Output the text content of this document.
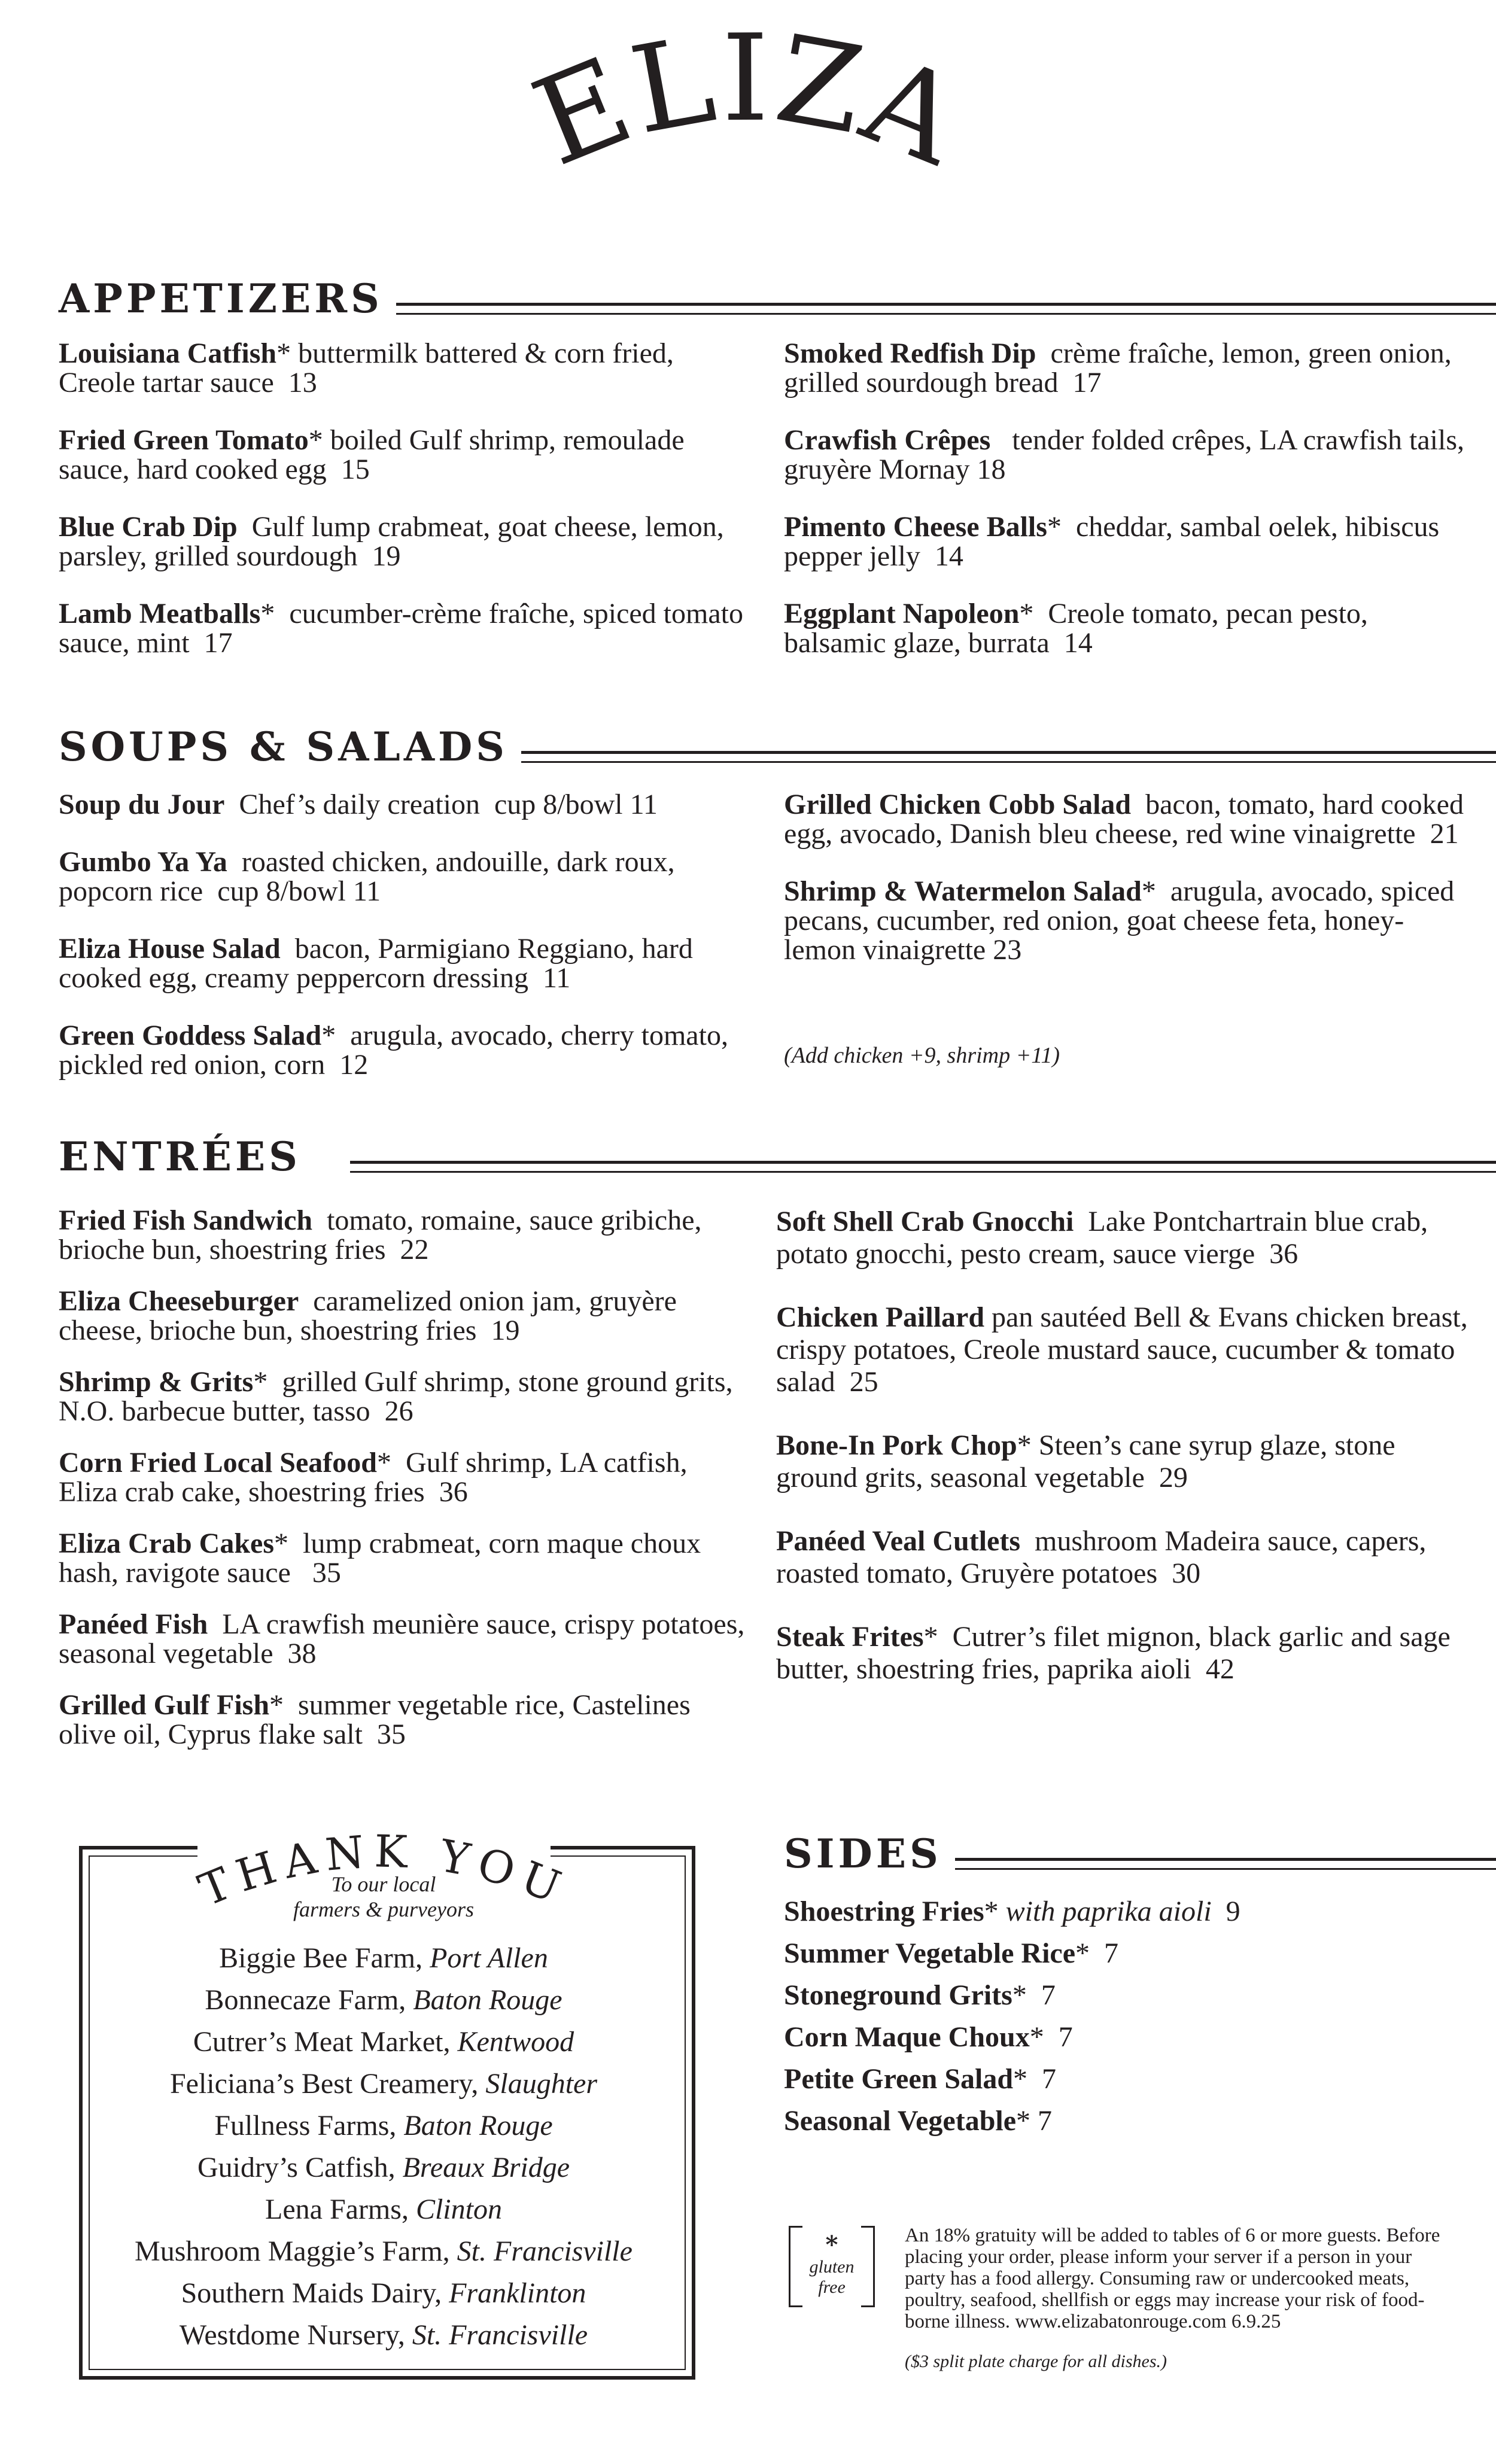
ELIZA
APPETIZERS

Louisiana Catfish* buttermilk battered & corn fried, Creole tartar sauce  13

Fried Green Tomato* boiled Gulf shrimp, remoulade sauce, hard cooked egg  15

Blue Crab Dip  Gulf lump crabmeat, goat cheese, lemon, parsley, grilled sourdough  19

Lamb Meatballs*  cucumber-crème fraîche, spiced tomato sauce, mint  17

Smoked Redfish Dip  crème fraîche, lemon, green onion, grilled sourdough bread  17

Crawfish Crêpes   tender folded crêpes, LA crawfish tails, gruyère Mornay 18

Pimento Cheese Balls*  cheddar, sambal oelek, hibiscus pepper jelly  14

Eggplant Napoleon*  Creole tomato, pecan pesto, balsamic glaze, burrata  14

SOUPS & SALADS

Soup du Jour  Chef’s daily creation  cup 8/bowl 11

Gumbo Ya Ya  roasted chicken, andouille, dark roux, popcorn rice  cup 8/bowl 11

Eliza House Salad  bacon, Parmigiano Reggiano, hard cooked egg, creamy peppercorn dressing  11

Green Goddess Salad*  arugula, avocado, cherry tomato, pickled red onion, corn  12

Grilled Chicken Cobb Salad  bacon, tomato, hard cooked egg, avocado, Danish bleu cheese, red wine vinaigrette  21

Shrimp & Watermelon Salad*  arugula, avocado, spiced pecans, cucumber, red onion, goat cheese feta, honey-lemon vinaigrette 23

(Add chicken +9, shrimp +11)
ENTRÉES

Fried Fish Sandwich  tomato, romaine, sauce gribiche, brioche bun, shoestring fries  22

Eliza Cheeseburger  caramelized onion jam, gruyère cheese, brioche bun, shoestring fries  19

Shrimp & Grits*  grilled Gulf shrimp, stone ground grits, N.O. barbecue butter, tasso  26

Corn Fried Local Seafood*  Gulf shrimp, LA catfish, Eliza crab cake, shoestring fries  36

Eliza Crab Cakes*  lump crabmeat, corn maque choux hash, ravigote sauce   35

Panéed Fish  LA crawfish meunière sauce, crispy potatoes, seasonal vegetable  38

Grilled Gulf Fish*  summer vegetable rice, Castelines olive oil, Cyprus flake salt  35

Soft Shell Crab Gnocchi  Lake Pontchartrain blue crab, potato gnocchi, pesto cream, sauce vierge  36

Chicken Paillard pan sautéed Bell & Evans chicken breast, crispy potatoes, Creole mustard sauce, cucumber & tomato salad  25

Bone-In Pork Chop* Steen’s cane syrup glaze, stone ground grits, seasonal vegetable  29

Panéed Veal Cutlets  mushroom Madeira sauce, capers, roasted tomato, Gruyère potatoes  30

Steak Frites*  Cutrer’s filet mignon, black garlic and sage butter, shoestring fries, paprika aioli  42

THANK YOU
To our local
farmers & purveyors
Biggie Bee Farm, Port Allen
Bonnecaze Farm, Baton Rouge
Cutrer’s Meat Market, Kentwood
Feliciana’s Best Creamery, Slaughter
Fullness Farms, Baton Rouge
Guidry’s Catfish, Breaux Bridge
Lena Farms, Clinton
Mushroom Maggie’s Farm, St. Francisville
Southern Maids Dairy, Franklinton
Westdome Nursery, St. Francisville
SIDES
Shoestring Fries* with paprika aioli  9
Summer Vegetable Rice*  7
Stoneground Grits*  7
Corn Maque Choux*  7
Petite Green Salad*  7
Seasonal Vegetable* 7
*
gluten
free
An 18% gratuity will be added to tables of 6 or more guests. Before placing your order, please inform your server if a person in your party has a food allergy. Consuming raw or undercooked meats, poultry, seafood, shellfish or eggs may increase your risk of food-borne illness. www.elizabatonrouge.com 6.9.25
($3 split plate charge for all dishes.)
